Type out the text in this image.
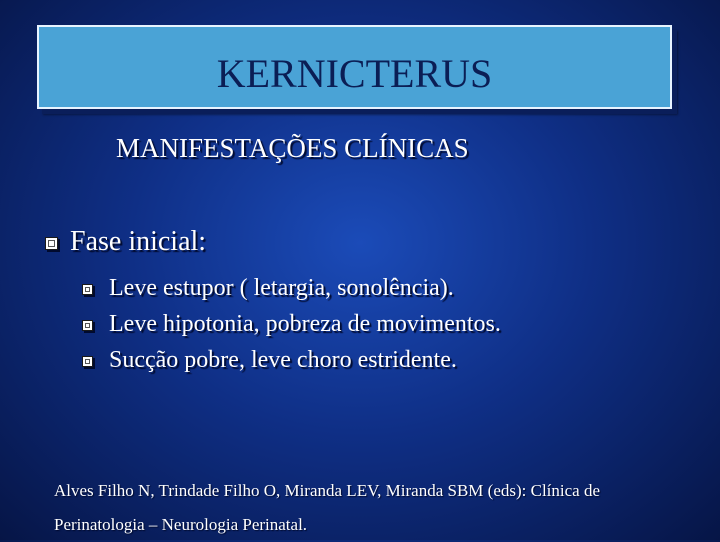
KERNICTERUS
MANIFESTAÇÕES CLÍNICAS
Fase inicial:
Leve estupor ( letargia, sonolência).
Leve hipotonia, pobreza de movimentos.
Sucção pobre, leve choro estridente.
Alves Filho N, Trindade Filho O, Miranda LEV, Miranda SBM (eds): Clínica de
Perinatologia – Neurologia Perinatal.
